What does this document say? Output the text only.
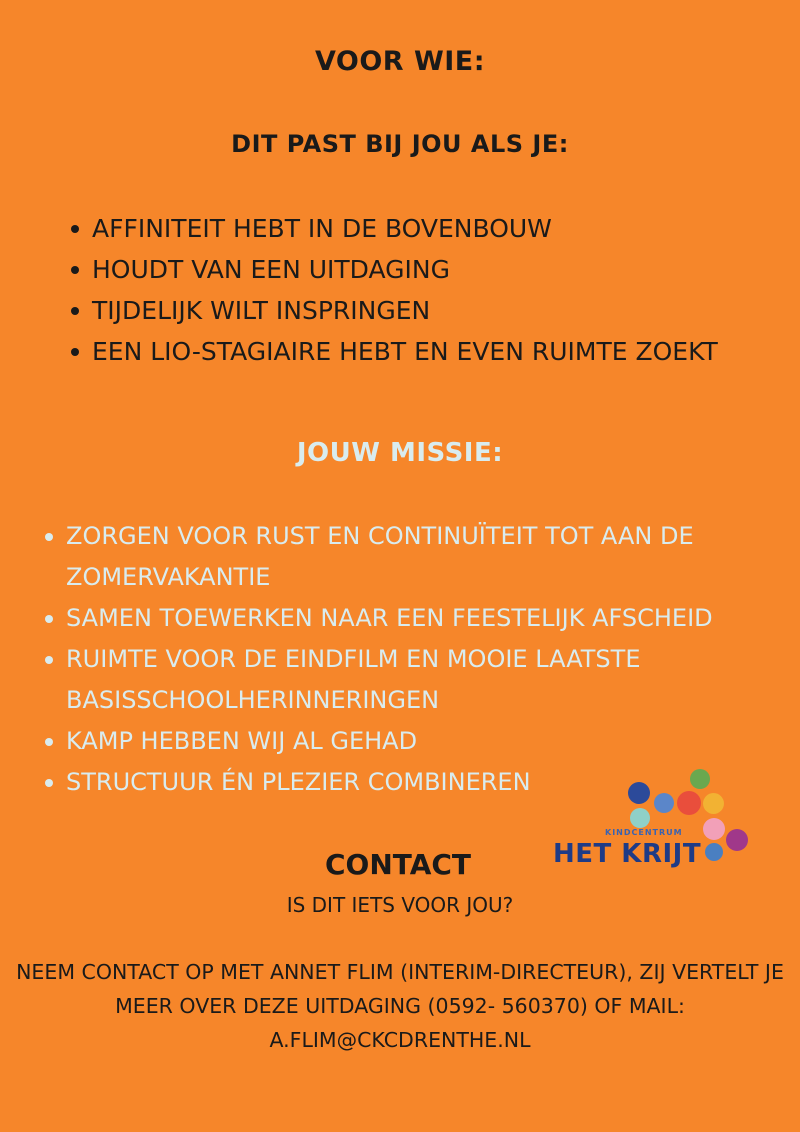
VOOR WIE:
DIT PAST BIJ JOU ALS JE:
AFFINITEIT HEBT IN DE BOVENBOUW
HOUDT VAN EEN UITDAGING
TIJDELIJK WILT INSPRINGEN
EEN LIO-STAGIAIRE HEBT EN EVEN RUIMTE ZOEKT
JOUW MISSIE:
ZORGEN VOOR RUST EN CONTINUÏTEIT TOT AAN DE ZOMERVAKANTIE
SAMEN TOEWERKEN NAAR EEN FEESTELIJK AFSCHEID
RUIMTE VOOR DE EINDFILM EN MOOIE LAATSTE BASISSCHOOLHERINNERINGEN
KAMP HEBBEN WIJ AL GEHAD
STRUCTUUR ÉN PLEZIER COMBINEREN
KINDCENTRUM
HET KRIJT
CONTACT
IS DIT IETS VOOR JOU?
NEEM CONTACT OP MET ANNET FLIM (INTERIM-DIRECTEUR), ZIJ VERTELT JE MEER OVER DEZE UITDAGING (0592- 560370) OF MAIL: A.FLIM@CKCDRENTHE.NL
